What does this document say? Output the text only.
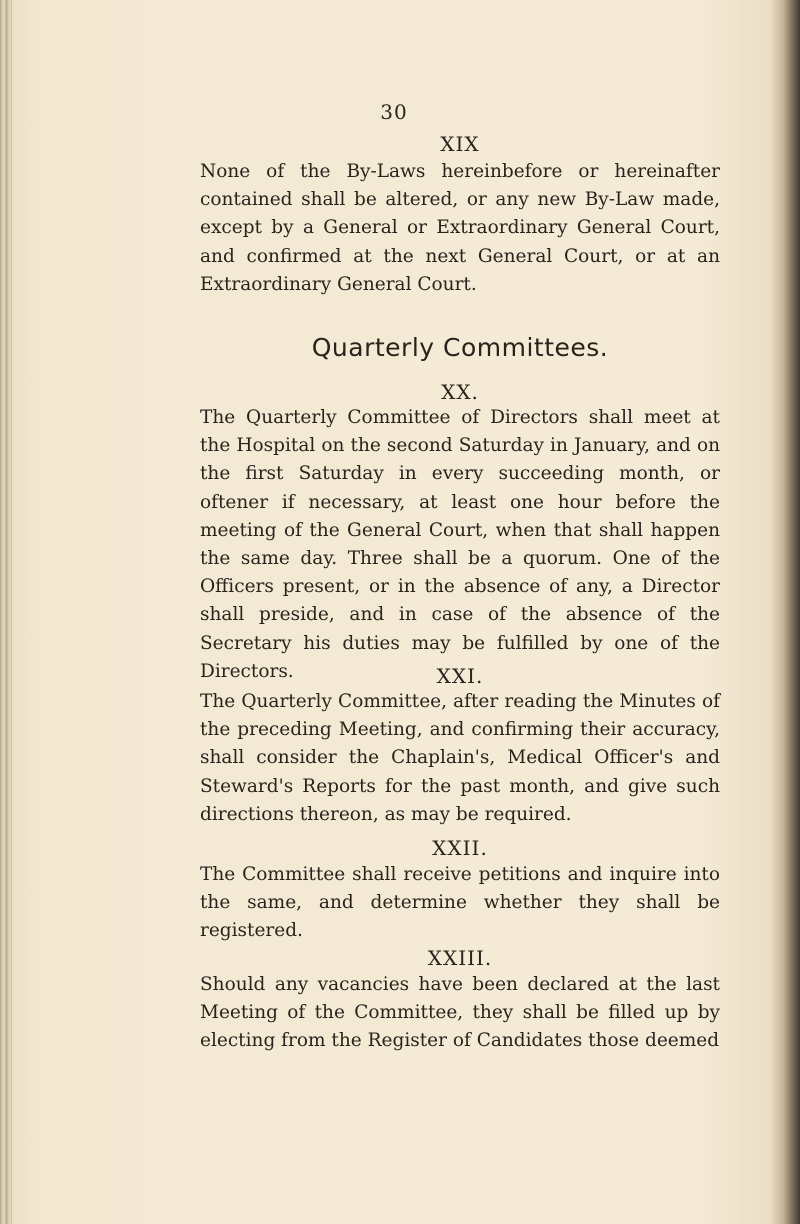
30
XIX
None of the By-Laws hereinbefore or hereinafter contained shall be altered, or any new By-Law made, except by a General or Extraordinary General Court, and confirmed at the next General Court, or at an Extraordinary General Court.
Quarterly Committees.
XX.
The Quarterly Committee of Directors shall meet at the Hospital on the second Saturday in January, and on the first Saturday in every succeeding month, or oftener if necessary, at least one hour before the meeting of the General Court, when that shall happen the same day. Three shall be a quorum. One of the Officers present, or in the absence of any, a Director shall preside, and in case of the absence of the Secretary his duties may be fulfilled by one of the Directors.	XXI.
The Quarterly Committee, after reading the Minutes of the preceding Meeting, and confirming their accuracy, shall consider the Chaplain's, Medical Officer's and Steward's Reports for the past month, and give such directions thereon, as may be required.
XXII.
The Committee shall receive petitions and inquire into the same, and determine whether they shall be registered.
XXIII.
Should any vacancies have been declared at the last Meeting of the Committee, they shall be filled up by electing from the Register of Candidates those deemed
